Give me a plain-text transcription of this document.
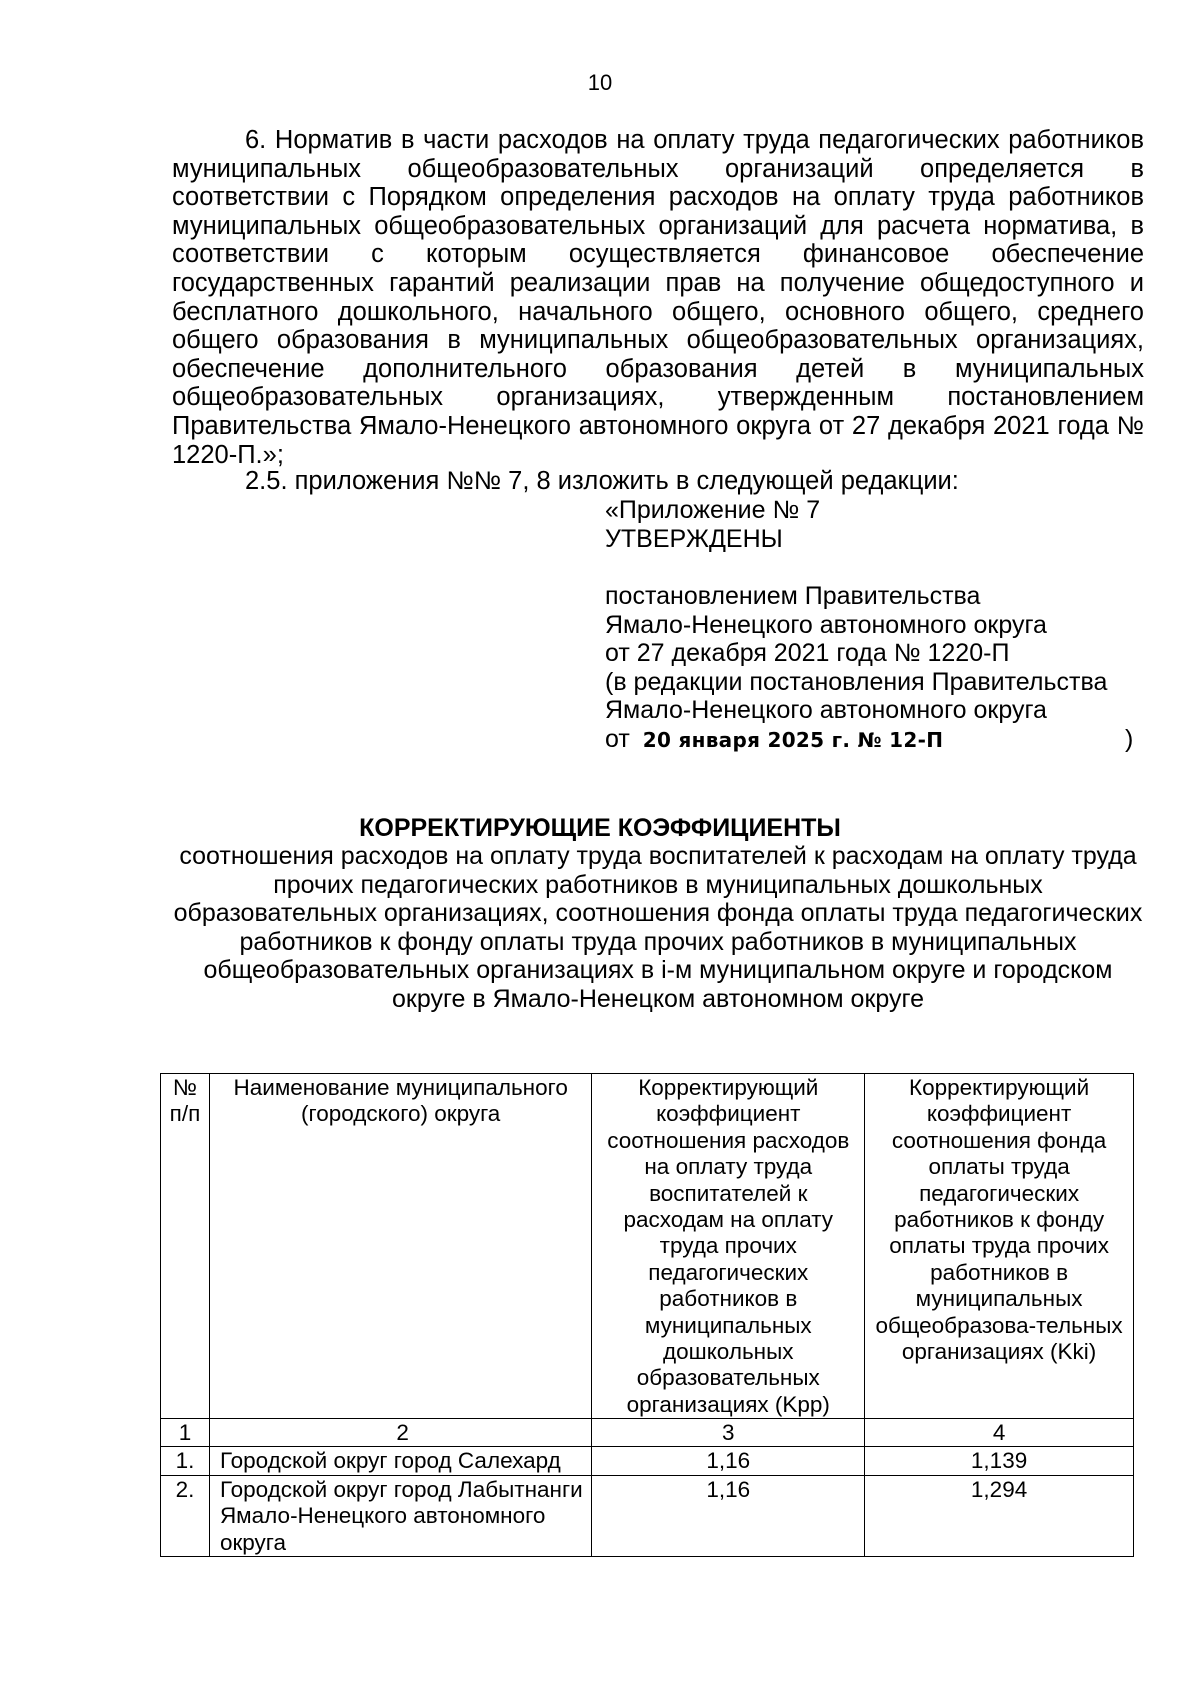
10
6. Норматив в части расходов на оплату труда педагогических работников муниципальных общеобразовательных организаций определяется в соответствии с Порядком определения расходов на оплату труда работников муниципальных общеобразовательных организаций для расчета норматива, в соответствии с которым осуществляется финансовое обеспечение государственных гарантий реализации прав на получение общедоступного и бесплатного дошкольного, начального общего, основного общего, среднего общего образования в муниципальных общеобразовательных организациях, обеспечение дополнительного образования детей в муниципальных общеобразовательных организациях, утвержденным постановлением Правительства Ямало-Ненецкого автономного округа от 27 декабря 2021 года № 1220-П.»;
2.5. приложения №№ 7, 8 изложить в следующей редакции:
«Приложение № 7
УТВЕРЖДЕНЫ
постановлением Правительства
Ямало-Ненецкого автономного округа
от 27 декабря 2021 года № 1220-П
(в редакции постановления Правительства
Ямало-Ненецкого автономного округа
от 20 января 2025 г. № 12-П	)
КОРРЕКТИРУЮЩИЕ КОЭФФИЦИЕНТЫ
соотношения расходов на оплату труда воспитателей к расходам на оплату труда прочих педагогических работников в муниципальных дошкольных образовательных организациях, соотношения фонда оплаты труда педагогических работников к фонду оплаты труда прочих работников в муниципальных общеобразовательных организациях в i-м муниципальном округе и городском округе в Ямало-Ненецком автономном округе
№ п/п	Наименование муниципального (городского) округа	Корректирующий коэффициент соотношения расходов на оплату труда воспитателей к расходам на оплату труда прочих педагогических работников в муниципальных дошкольных образовательных организациях (Kpp)	Корректирующий коэффициент соотношения фонда оплаты труда педагогических работников к фонду оплаты труда прочих работников в муниципальных общеобразова-тельных организациях (Kki)
1	2	3	4
1.	Городской округ город Салехард	1,16	1,139
2.	Городской округ город Лабытнанги Ямало-Ненецкого автономного округа	1,16	1,294
